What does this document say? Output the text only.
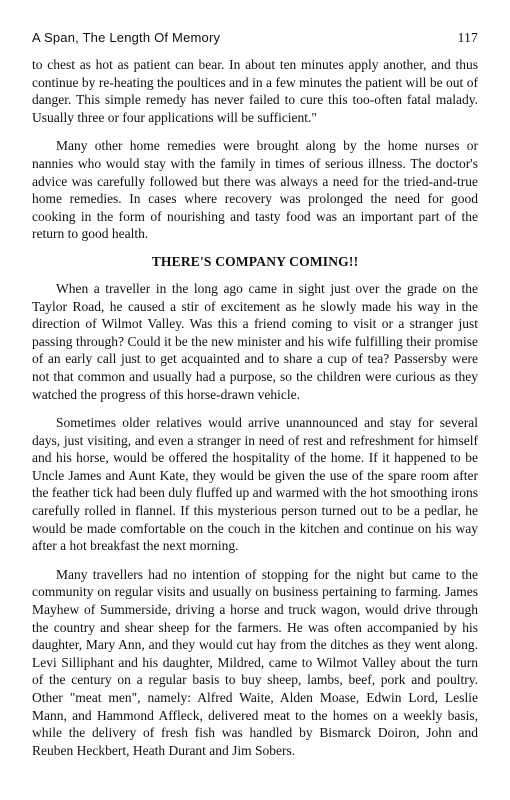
A Span, The Length Of Memory	117

to chest as hot as patient can bear. In about ten minutes apply another, and thus continue by re-heating the poultices and in a few minutes the patient will be out of danger. This simple remedy has never failed to cure this too-often fatal malady. Usually three or four applications will be sufficient."

Many other home remedies were brought along by the home nurses or nannies who would stay with the family in times of serious illness. The doctor's advice was carefully followed but there was always a need for the tried-and-true home remedies. In cases where recovery was prolonged the need for good cooking in the form of nourishing and tasty food was an important part of the return to good health.

THERE'S COMPANY COMING!!

When a traveller in the long ago came in sight just over the grade on the Taylor Road, he caused a stir of excitement as he slowly made his way in the direction of Wilmot Valley. Was this a friend coming to visit or a stranger just passing through? Could it be the new minister and his wife fulfilling their promise of an early call just to get acquainted and to share a cup of tea? Passersby were not that common and usually had a purpose, so the children were curious as they watched the progress of this horse-drawn vehicle.

Sometimes older relatives would arrive unannounced and stay for several days, just visiting, and even a stranger in need of rest and refreshment for himself and his horse, would be offered the hospitality of the home. If it happened to be Uncle James and Aunt Kate, they would be given the use of the spare room after the feather tick had been duly fluffed up and warmed with the hot smoothing irons carefully rolled in flannel. If this mysterious person turned out to be a pedlar, he would be made comfortable on the couch in the kitchen and continue on his way after a hot breakfast the next morning.

Many travellers had no intention of stopping for the night but came to the community on regular visits and usually on business pertaining to farming. James Mayhew of Summerside, driving a horse and truck wagon, would drive through the country and shear sheep for the farmers. He was often accompanied by his daughter, Mary Ann, and they would cut hay from the ditches as they went along. Levi Silliphant and his daughter, Mildred, came to Wilmot Valley about the turn of the century on a regular basis to buy sheep, lambs, beef, pork and poultry. Other "meat men", namely: Alfred Waite, Alden Moase, Edwin Lord, Leslie Mann, and Hammond Affleck, delivered meat to the homes on a weekly basis, while the delivery of fresh fish was handled by Bismarck Doiron, John and Reuben Heckbert, Heath Durant and Jim Sobers.
